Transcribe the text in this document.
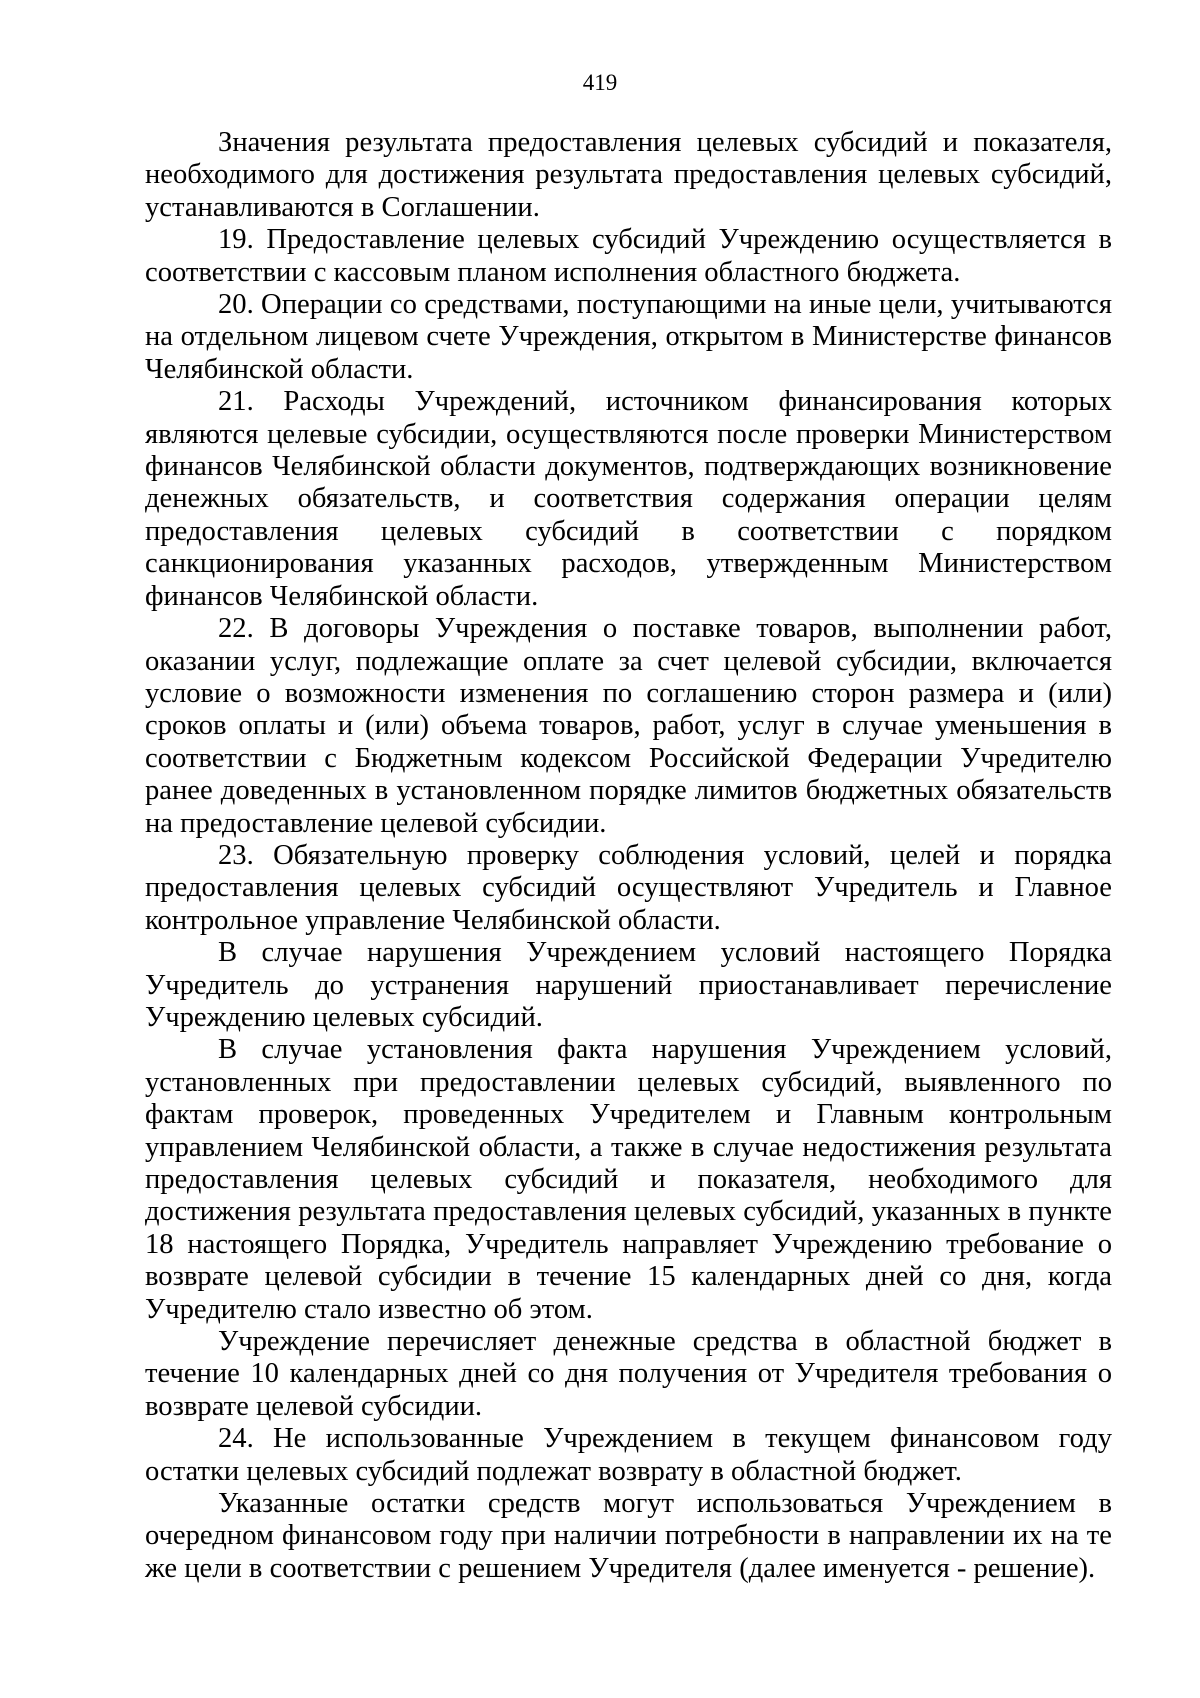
419

Значения результата предоставления целевых субсидий и показателя, необходимого для достижения результата предоставления целевых субсидий, устанавливаются в Соглашении.

19. Предоставление целевых субсидий Учреждению осуществляется в соответствии с кассовым планом исполнения областного бюджета.

20. Операции со средствами, поступающими на иные цели, учитываются на отдельном лицевом счете Учреждения, открытом в Министерстве финансов Челябинской области.

21. Расходы Учреждений, источником финансирования которых являются целевые субсидии, осуществляются после проверки Министерством финансов Челябинской области документов, подтверждающих возникновение денежных обязательств, и соответствия содержания операции целям предоставления целевых субсидий в соответствии с порядком санкционирования указанных расходов, утвержденным Министерством финансов Челябинской области.

22. В договоры Учреждения о поставке товаров, выполнении работ, оказании услуг, подлежащие оплате за счет целевой субсидии, включается условие о возможности изменения по соглашению сторон размера и (или) сроков оплаты и (или) объема товаров, работ, услуг в случае уменьшения в соответствии с Бюджетным кодексом Российской Федерации Учредителю ранее доведенных в установленном порядке лимитов бюджетных обязательств на предоставление целевой субсидии.

23. Обязательную проверку соблюдения условий, целей и порядка предоставления целевых субсидий осуществляют Учредитель и Главное контрольное управление Челябинской области.

В случае нарушения Учреждением условий настоящего Порядка Учредитель до устранения нарушений приостанавливает перечисление Учреждению целевых субсидий.

В случае установления факта нарушения Учреждением условий, установленных при предоставлении целевых субсидий, выявленного по фактам проверок, проведенных Учредителем и Главным контрольным управлением Челябинской области, а также в случае недостижения результата предоставления целевых субсидий и показателя, необходимого для достижения результата предоставления целевых субсидий, указанных в пункте 18 настоящего Порядка, Учредитель направляет Учреждению требование о возврате целевой субсидии в течение 15 календарных дней со дня, когда Учредителю стало известно об этом.

Учреждение перечисляет денежные средства в областной бюджет в течение 10 календарных дней со дня получения от Учредителя требования о возврате целевой субсидии.

24. Не использованные Учреждением в текущем финансовом году остатки целевых субсидий подлежат возврату в областной бюджет.

Указанные остатки средств могут использоваться Учреждением в очередном финансовом году при наличии потребности в направлении их на те же цели в соответствии с решением Учредителя (далее именуется - решение).
